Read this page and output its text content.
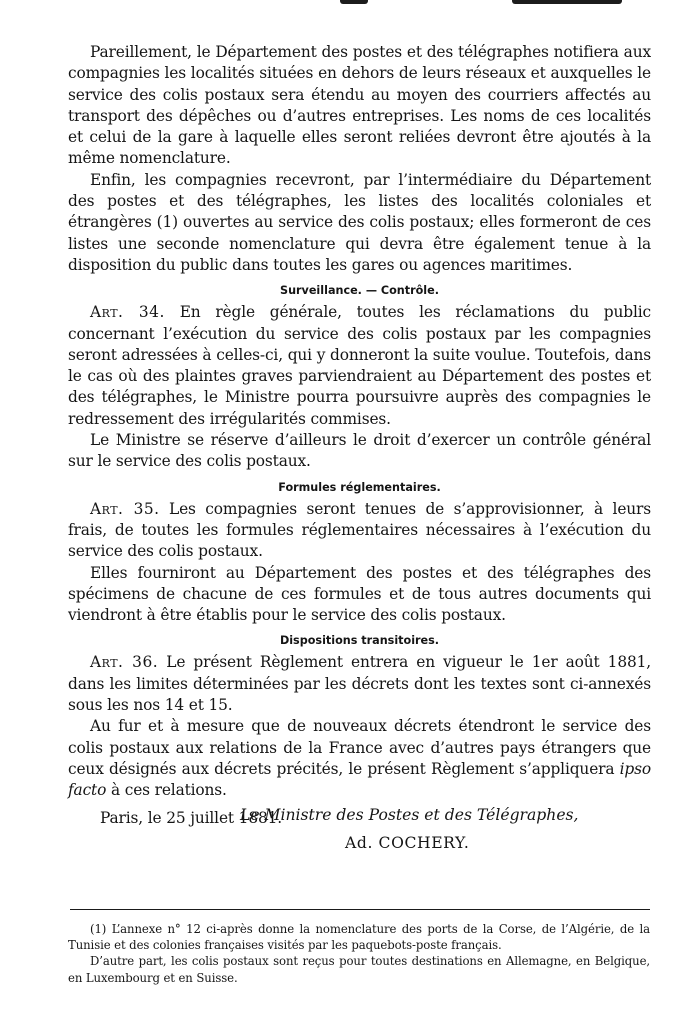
Pareillement, le Département des postes et des télégraphes notifiera aux compagnies les localités situées en dehors de leurs réseaux et auxquelles le service des colis postaux sera étendu au moyen des courriers affectés au transport des dépêches ou d’autres entreprises. Les noms de ces localités et celui de la gare à laquelle elles seront reliées devront être ajoutés à la même nomenclature.

Enfin, les compagnies recevront, par l’intermédiaire du Département des postes et des télégraphes, les listes des localités coloniales et étrangères (1) ouvertes au service des colis postaux; elles formeront de ces listes une seconde nomenclature qui devra être également tenue à la disposition du public dans toutes les gares ou agences maritimes.

Surveillance. — Contrôle.

Art. 34. En règle générale, toutes les réclamations du public concernant l’exécution du service des colis postaux par les compagnies seront adressées à celles-ci, qui y donneront la suite voulue. Toutefois, dans le cas où des plaintes graves parviendraient au Département des postes et des télégraphes, le Ministre pourra poursuivre auprès des compagnies le redressement des irrégularités commises.

Le Ministre se réserve d’ailleurs le droit d’exercer un contrôle général sur le service des colis postaux.

Formules réglementaires.

Art. 35. Les compagnies seront tenues de s’approvisionner, à leurs frais, de toutes les formules réglementaires nécessaires à l’exécution du service des colis postaux.

Elles fourniront au Département des postes et des télégraphes des spécimens de chacune de ces formules et de tous autres documents qui viendront à être établis pour le service des colis postaux.

Dispositions transitoires.

Art. 36. Le présent Règlement entrera en vigueur le 1er août 1881, dans les limites déterminées par les décrets dont les textes sont ci-annexés sous les nos 14 et 15.

Au fur et à mesure que de nouveaux décrets étendront le service des colis postaux aux relations de la France avec d’autres pays étrangers que ceux désignés aux décrets précités, le présent Règlement s’appliquera ipso facto à ces relations.

Paris, le 25 juillet 1881.

Le Ministre des Postes et des Télégraphes,
Ad. COCHERY.

(1) L’annexe n° 12 ci-après donne la nomenclature des ports de la Corse, de l’Algérie, de la Tunisie et des colonies françaises visités par les paquebots-poste français.

D’autre part, les colis postaux sont reçus pour toutes destinations en Allemagne, en Belgique, en Luxembourg et en Suisse.
